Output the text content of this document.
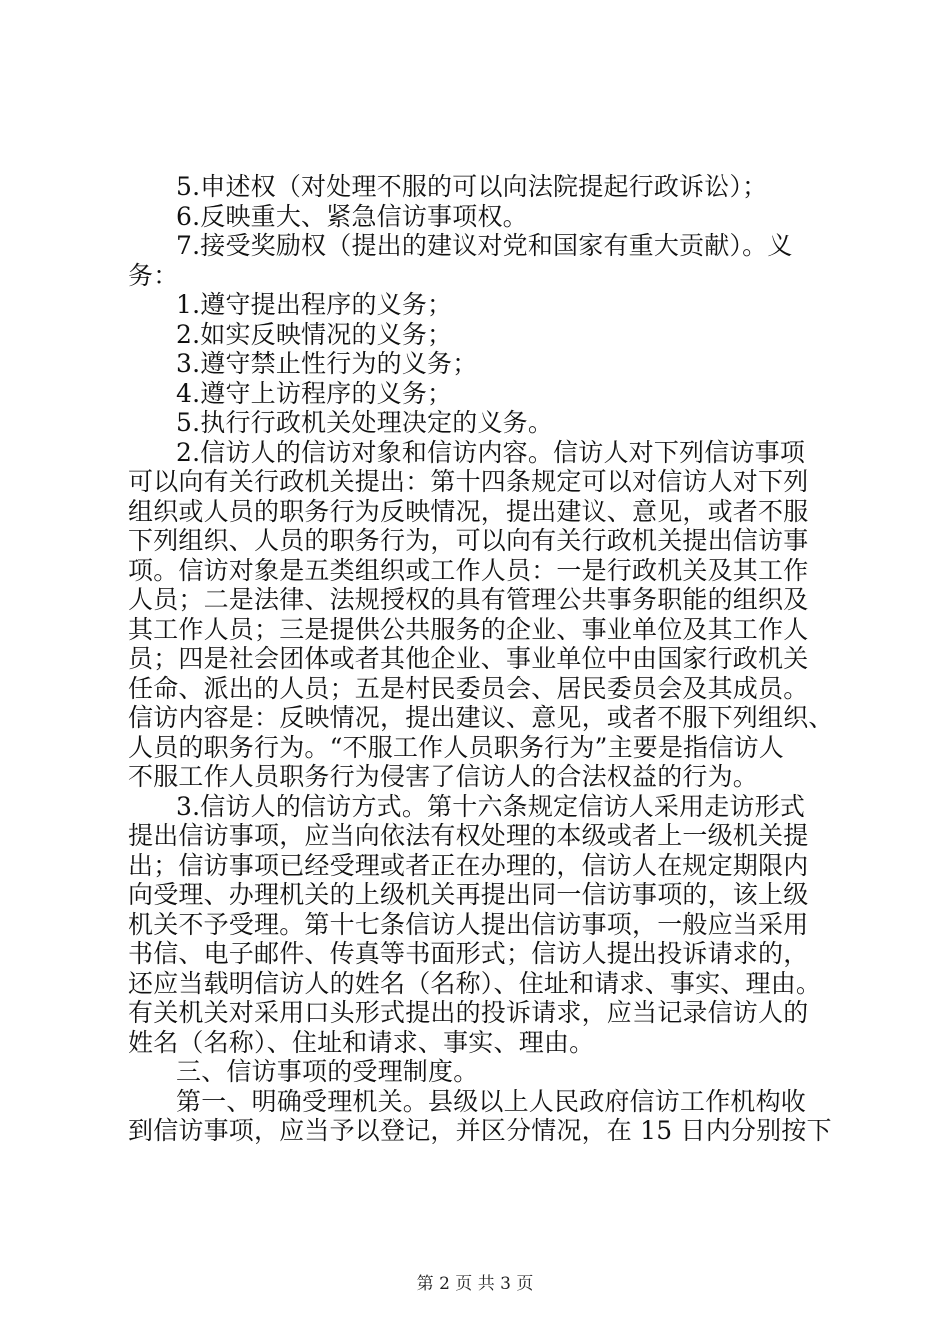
5.申述权（对处理不服的可以向法院提起行政诉讼）；
6.反映重大、紧急信访事项权。
7.接受奖励权（提出的建议对党和国家有重大贡献）。义
务：
1.遵守提出程序的义务；
2.如实反映情况的义务；
3.遵守禁止性行为的义务；
4.遵守上访程序的义务；
5.执行行政机关处理决定的义务。
2.信访人的信访对象和信访内容。信访人对下列信访事项
可以向有关行政机关提出：第十四条规定可以对信访人对下列
组织或人员的职务行为反映情况，提出建议、意见，或者不服
下列组织、人员的职务行为，可以向有关行政机关提出信访事
项。信访对象是五类组织或工作人员：一是行政机关及其工作
人员；二是法律、法规授权的具有管理公共事务职能的组织及
其工作人员；三是提供公共服务的企业、事业单位及其工作人
员；四是社会团体或者其他企业、事业单位中由国家行政机关
任命、派出的人员；五是村民委员会、居民委员会及其成员。
信访内容是：反映情况，提出建议、意见，或者不服下列组织、
人员的职务行为。“不服工作人员职务行为”主要是指信访人
不服工作人员职务行为侵害了信访人的合法权益的行为。
3.信访人的信访方式。第十六条规定信访人采用走访形式
提出信访事项，应当向依法有权处理的本级或者上一级机关提
出；信访事项已经受理或者正在办理的，信访人在规定期限内
向受理、办理机关的上级机关再提出同一信访事项的，该上级
机关不予受理。第十七条信访人提出信访事项，一般应当采用
书信、电子邮件、传真等书面形式；信访人提出投诉请求的，
还应当载明信访人的姓名（名称）、住址和请求、事实、理由。
有关机关对采用口头形式提出的投诉请求，应当记录信访人的
姓名（名称）、住址和请求、事实、理由。
三、信访事项的受理制度。
第一、明确受理机关。县级以上人民政府信访工作机构收
到信访事项，应当予以登记，并区分情况，在 15 日内分别按下
第 2 页 共 3 页
